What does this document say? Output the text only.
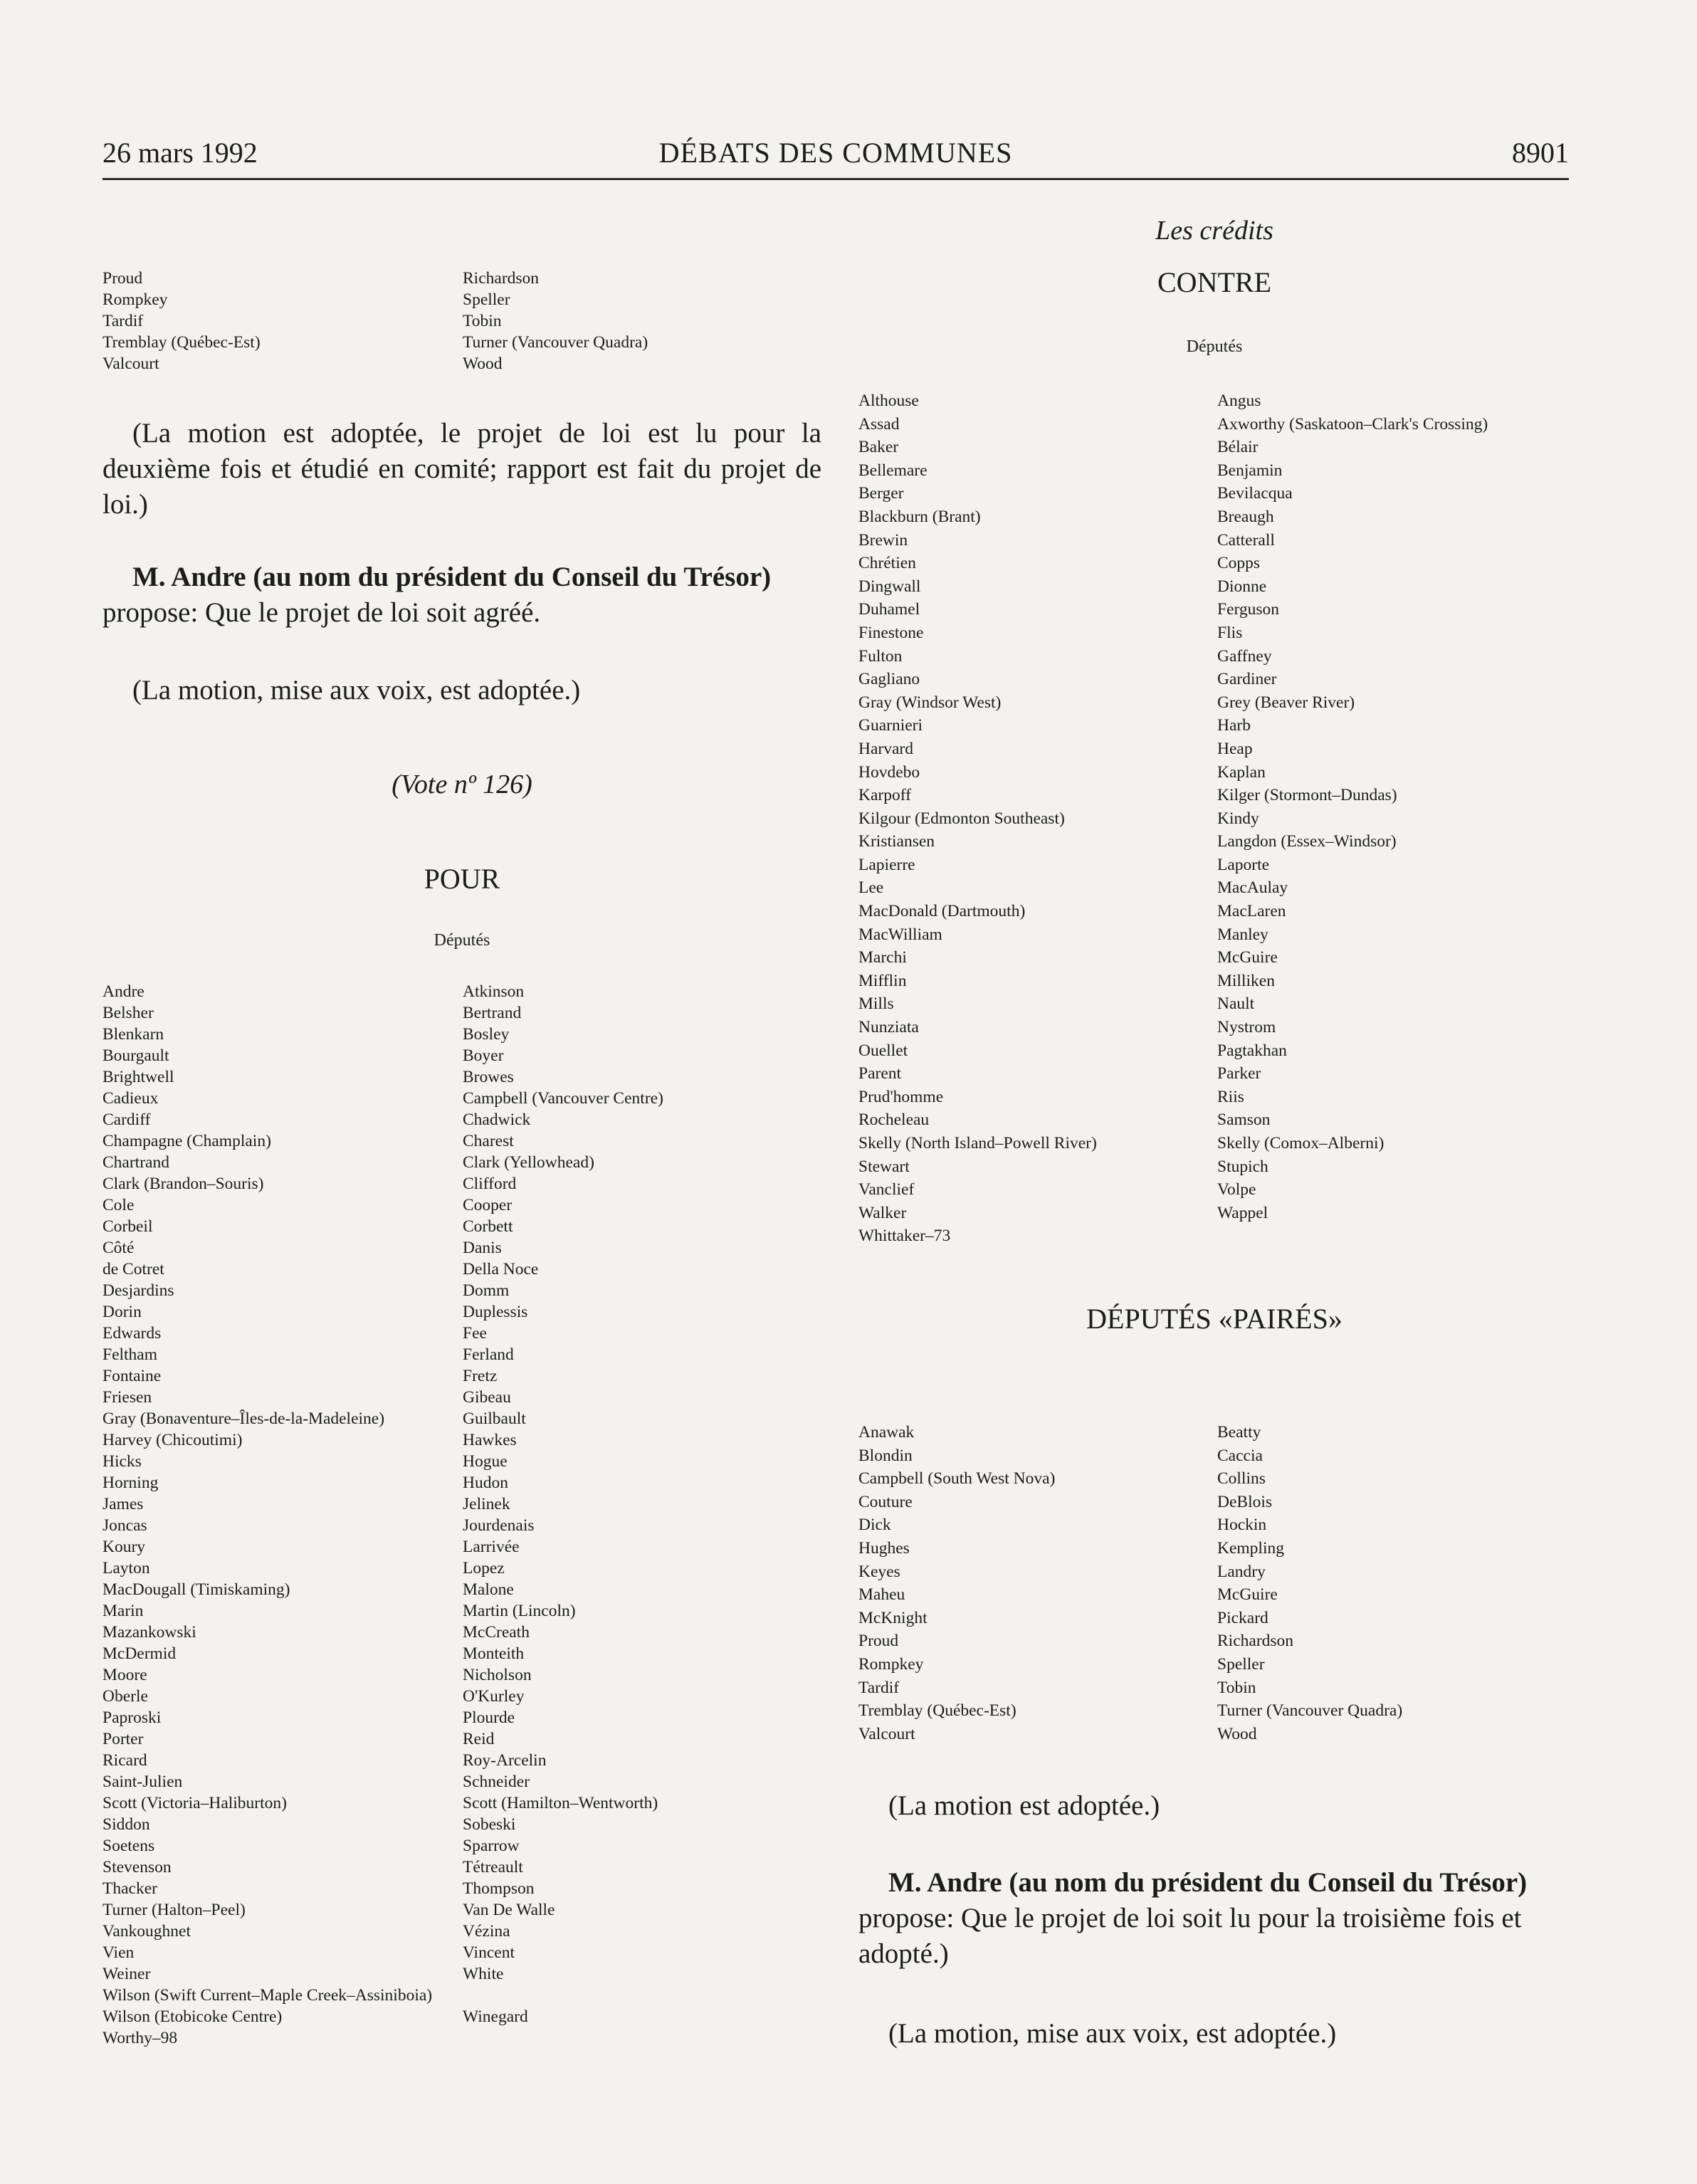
26 mars 1992	DÉBATS DES COMMUNES	8901
Proud
Rompkey
Tardif
Tremblay (Québec-Est)
Valcourt
Richardson
Speller
Tobin
Turner (Vancouver Quadra)
Wood

(La motion est adoptée, le projet de loi est lu pour la deuxième fois et étudié en comité; rapport est fait du projet de loi.)

M. Andre (au nom du président du Conseil du Trésor) propose: Que le projet de loi soit agréé.

(La motion, mise aux voix, est adoptée.)

(Vote nº 126)

POUR

Députés

Andre
Belsher
Blenkarn
Bourgault
Brightwell
Cadieux
Cardiff
Champagne (Champlain)
Chartrand
Clark (Brandon–Souris)
Cole
Corbeil
Côté
de Cotret
Desjardins
Dorin
Edwards
Feltham
Fontaine
Friesen
Gray (Bonaventure–Îles-de-la-Madeleine)
Harvey (Chicoutimi)
Hicks
Horning
James
Joncas
Koury
Layton
MacDougall (Timiskaming)
Marin
Mazankowski
McDermid
Moore
Oberle
Paproski
Porter
Ricard
Saint-Julien
Scott (Victoria–Haliburton)
Siddon
Soetens
Stevenson
Thacker
Turner (Halton–Peel)
Vankoughnet
Vien
Weiner
Wilson (Swift Current–Maple Creek–Assiniboia)
Wilson (Etobicoke Centre)
Worthy–98
Atkinson
Bertrand
Bosley
Boyer
Browes
Campbell (Vancouver Centre)
Chadwick
Charest
Clark (Yellowhead)
Clifford
Cooper
Corbett
Danis
Della Noce
Domm
Duplessis
Fee
Ferland
Fretz
Gibeau
Guilbault
Hawkes
Hogue
Hudon
Jelinek
Jourdenais
Larrivée
Lopez
Malone
Martin (Lincoln)
McCreath
Monteith
Nicholson
O'Kurley
Plourde
Reid
Roy-Arcelin
Schneider
Scott (Hamilton–Wentworth)
Sobeski
Sparrow
Tétreault
Thompson
Van De Walle
Vézina
Vincent
White
Winegard

Les crédits

CONTRE

Députés

Althouse
Assad
Baker
Bellemare
Berger
Blackburn (Brant)
Brewin
Chrétien
Dingwall
Duhamel
Finestone
Fulton
Gagliano
Gray (Windsor West)
Guarnieri
Harvard
Hovdebo
Karpoff
Kilgour (Edmonton Southeast)
Kristiansen
Lapierre
Lee
MacDonald (Dartmouth)
MacWilliam
Marchi
Mifflin
Mills
Nunziata
Ouellet
Parent
Prud'homme
Rocheleau
Skelly (North Island–Powell River)
Stewart
Vanclief
Walker
Whittaker–73
Angus
Axworthy (Saskatoon–Clark's Crossing)
Bélair
Benjamin
Bevilacqua
Breaugh
Catterall
Copps
Dionne
Ferguson
Flis
Gaffney
Gardiner
Grey (Beaver River)
Harb
Heap
Kaplan
Kilger (Stormont–Dundas)
Kindy
Langdon (Essex–Windsor)
Laporte
MacAulay
MacLaren
Manley
McGuire
Milliken
Nault
Nystrom
Pagtakhan
Parker
Riis
Samson
Skelly (Comox–Alberni)
Stupich
Volpe
Wappel

DÉPUTÉS «PAIRÉS»

Anawak
Blondin
Campbell (South West Nova)
Couture
Dick
Hughes
Keyes
Maheu
McKnight
Proud
Rompkey
Tardif
Tremblay (Québec-Est)
Valcourt
Beatty
Caccia
Collins
DeBlois
Hockin
Kempling
Landry
McGuire
Pickard
Richardson
Speller
Tobin
Turner (Vancouver Quadra)
Wood

(La motion est adoptée.)

M. Andre (au nom du président du Conseil du Trésor) propose: Que le projet de loi soit lu pour la troisième fois et adopté.)

(La motion, mise aux voix, est adoptée.)
